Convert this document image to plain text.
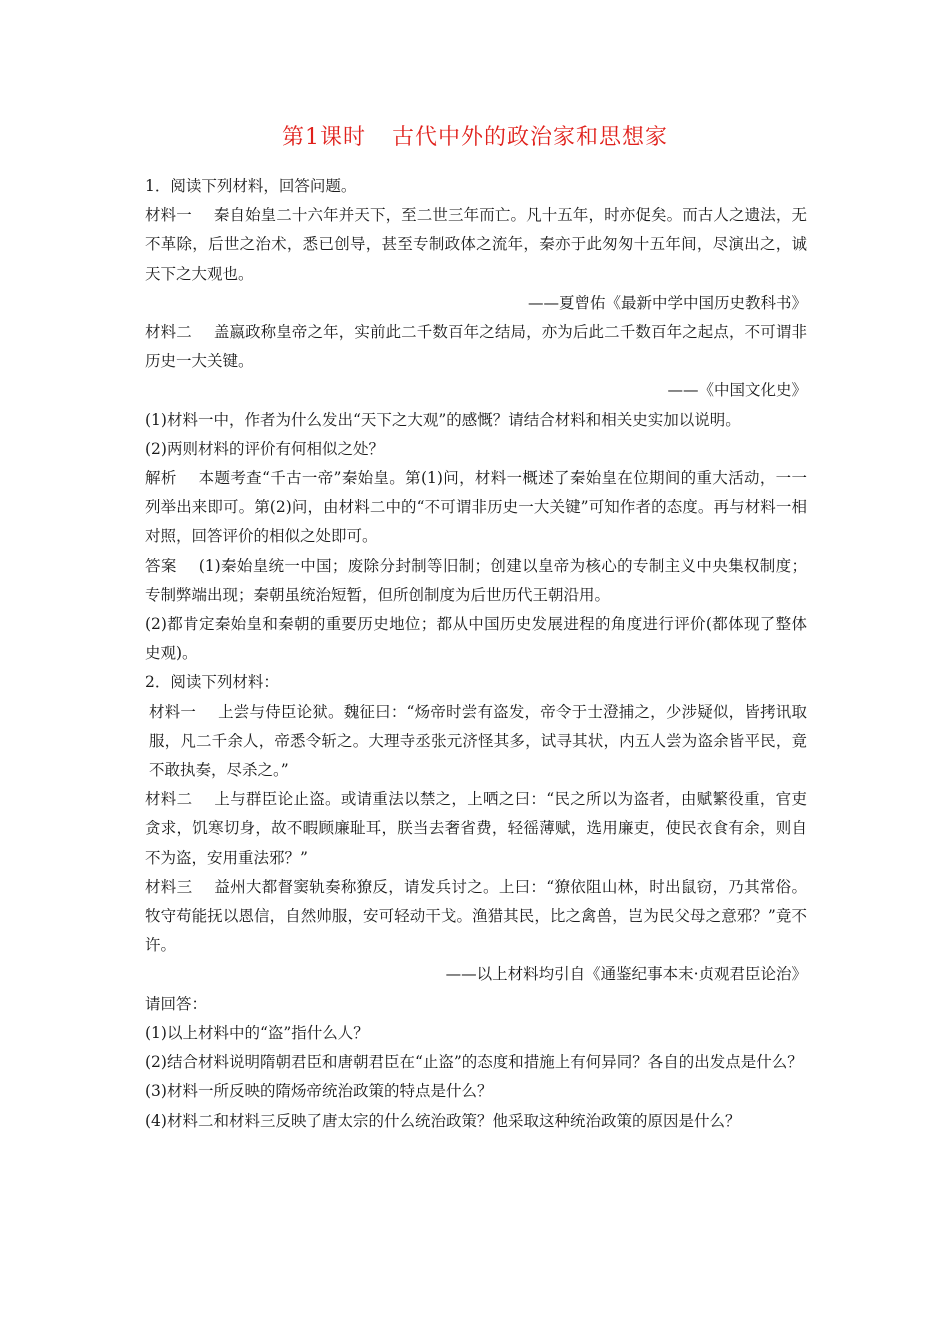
第1课时 古代中外的政治家和思想家

1．阅读下列材料，回答问题。

材料一 秦自始皇二十六年并天下，至二世三年而亡。凡十五年，时亦促矣。而古人之遗法，无不革除，后世之治术，悉已创导，甚至专制政体之流年，秦亦于此匆匆十五年间，尽演出之，诚天下之大观也。

——夏曾佑《最新中学中国历史教科书》

材料二 盖嬴政称皇帝之年，实前此二千数百年之结局，亦为后此二千数百年之起点，不可谓非历史一大关键。

——《中国文化史》

(1)材料一中，作者为什么发出“天下之大观”的感慨？请结合材料和相关史实加以说明。

(2)两则材料的评价有何相似之处？

解析 本题考查“千古一帝”秦始皇。第(1)问，材料一概述了秦始皇在位期间的重大活动，一一列举出来即可。第(2)问，由材料二中的“不可谓非历史一大关键”可知作者的态度。再与材料一相对照，回答评价的相似之处即可。

答案 (1)秦始皇统一中国；废除分封制等旧制；创建以皇帝为核心的专制主义中央集权制度；专制弊端出现；秦朝虽统治短暂，但所创制度为后世历代王朝沿用。

(2)都肯定秦始皇和秦朝的重要历史地位；都从中国历史发展进程的角度进行评价(都体现了整体史观)。

2．阅读下列材料：

材料一 上尝与侍臣论狱。魏征曰：“炀帝时尝有盗发，帝令于士澄捕之，少涉疑似，皆拷讯取服，凡二千余人，帝悉令斩之。大理寺丞张元济怪其多，试寻其状，内五人尝为盗余皆平民，竟不敢执奏，尽杀之。”

材料二 上与群臣论止盗。或请重法以禁之，上哂之曰：“民之所以为盗者，由赋繁役重，官吏贪求，饥寒切身，故不暇顾廉耻耳，朕当去奢省费，轻徭薄赋，选用廉吏，使民衣食有余，则自不为盗，安用重法邪？”

材料三 益州大都督窦轨奏称獠反，请发兵讨之。上曰：“獠依阻山林，时出鼠窃，乃其常俗。牧守苟能抚以恩信，自然帅服，安可轻动干戈。渔猎其民，比之禽兽，岂为民父母之意邪？”竟不许。

——以上材料均引自《通鉴纪事本末·贞观君臣论治》

请回答：

(1)以上材料中的“盗”指什么人？

(2)结合材料说明隋朝君臣和唐朝君臣在“止盗”的态度和措施上有何异同？各自的出发点是什么？

(3)材料一所反映的隋炀帝统治政策的特点是什么？

(4)材料二和材料三反映了唐太宗的什么统治政策？他采取这种统治政策的原因是什么？
